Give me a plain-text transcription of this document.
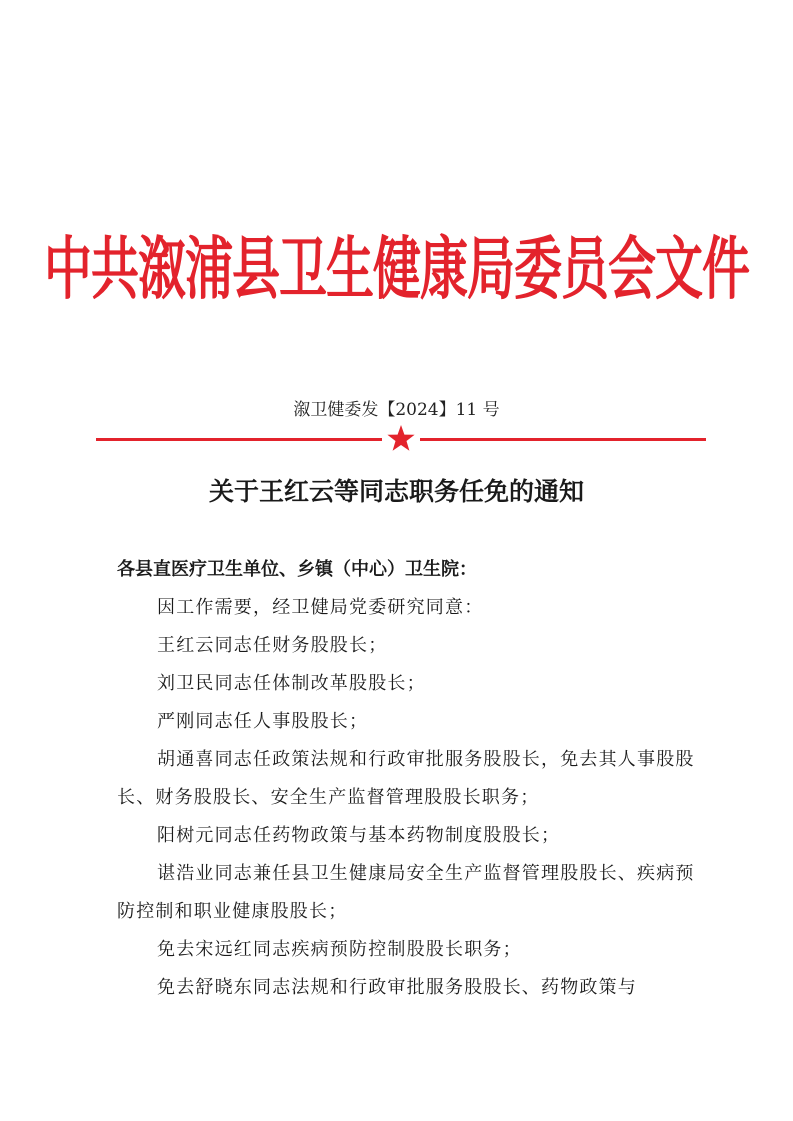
中共溆浦县卫生健康局委员会文件
溆卫健委发【2024】11 号
关于王红云等同志职务任免的通知

各县直医疗卫生单位、乡镇（中心）卫生院：

因工作需要，经卫健局党委研究同意：

王红云同志任财务股股长；

刘卫民同志任体制改革股股长；

严刚同志任人事股股长；

胡通喜同志任政策法规和行政审批服务股股长，免去其人事股股长、财务股股长、安全生产监督管理股股长职务；

阳树元同志任药物政策与基本药物制度股股长；

谌浩业同志兼任县卫生健康局安全生产监督管理股股长、疾病预防控制和职业健康股股长；

免去宋远红同志疾病预防控制股股长职务；

免去舒晓东同志法规和行政审批服务股股长、药物政策与
